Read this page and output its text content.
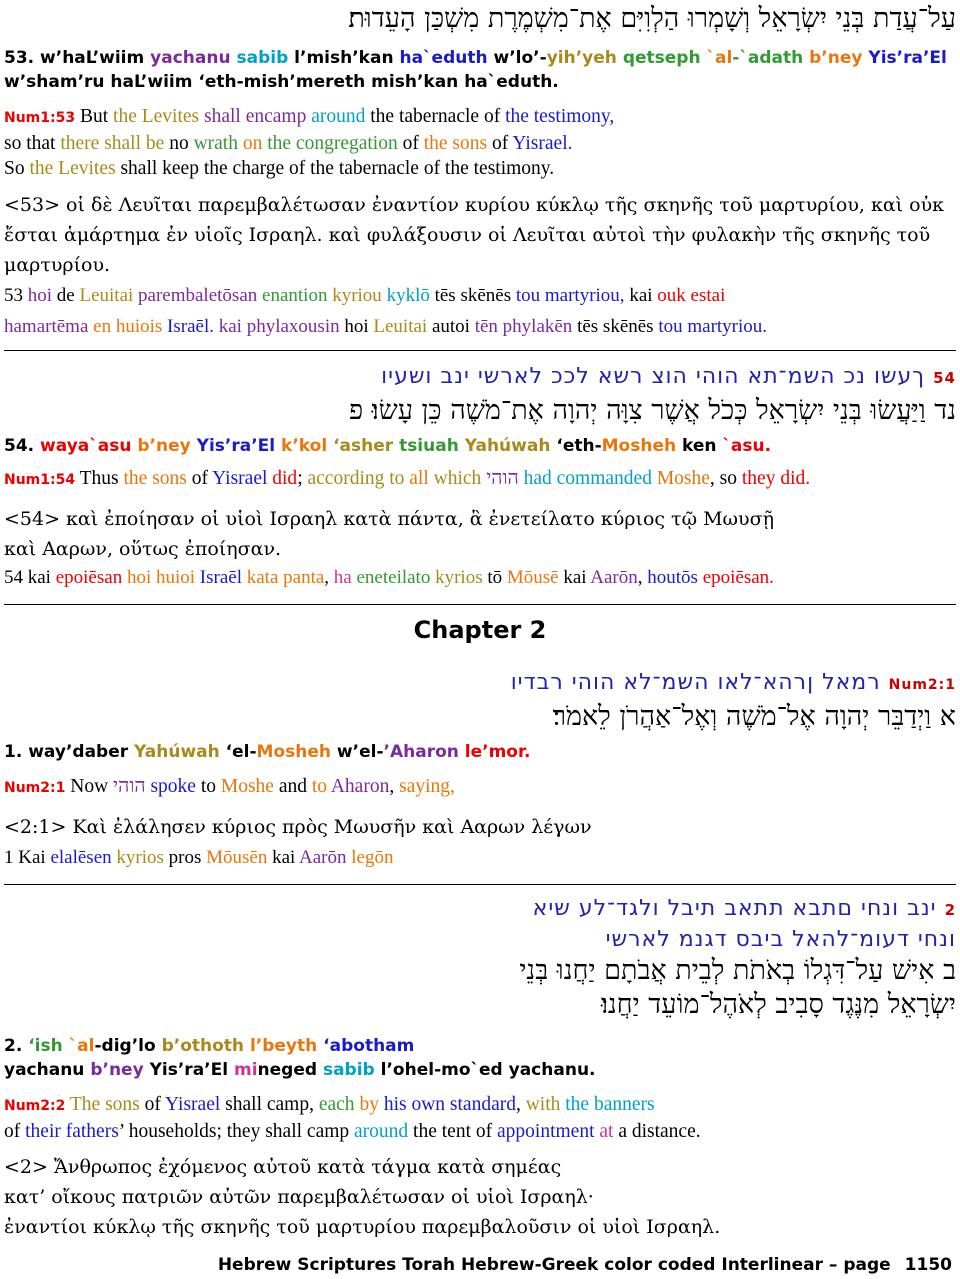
עַל־עֲדַת בְּנֵי יִשְׂרָאֵל וְשָׁמְרוּ הַלְוִיִּם אֶת־מִשְׁמֶרֶת מִשְׁכַּן הָעֵדוּת׃
53. w’haL’wiim yachanu sabib l’mish’kan ha`eduth w’lo’-yih’yeh qetseph `al-`adath b’ney Yis’ra’El
w’sham’ru haL’wiim ‘eth-mish’mereth mish’kan ha`eduth.
Num1:53 But the Levites shall encamp around the tabernacle of the testimony,
so that there shall be no wrath on the congregation of the sons of Yisrael.
So the Levites shall keep the charge of the tabernacle of the testimony.
<53> οἱ δὲ Λευῖται παρεμβαλέτωσαν ἐναντίον κυρίου κύκλῳ τῆς σκηνῆς τοῦ μαρτυρίου, καὶ οὐκ
ἔσται ἁμάρτημα ἐν υἱοῖς Ισραηλ. καὶ φυλάξουσιν οἱ Λευῖται αὐτοὶ τὴν φυλακὴν τῆς σκηνῆς τοῦ
μαρτυρίου.
53 hoi de Leuitai parembaletōsan enantion kyriou kyklō tēs skēnēs tou martyriou, kai ouk estai
hamartēma en huiois Israēl. kai phylaxousin hoi Leuitai autoi tēn phylakēn tēs skēnēs tou martyriou.
54 ךעשו נכ השמ־תא הוהי הוצ רשא לככ לארשי ינב ושעיו
נד וַיַּעֲשׂוּ בְּנֵי יִשְׂרָאֵל כְּכֹל אֲשֶׁר צִוָּה יְהוָה אֶת־מֹשֶׁה כֵּן עָשׂוּ׃ פ
54. waya`asu b’ney Yis’ra’El k’kol ‘asher tsiuah Yahúwah ‘eth-Mosheh ken `asu.
Num1:54 Thus the sons of Yisrael did; according to all which הוהי had commanded Moshe, so they did.
<54> καὶ ἐποίησαν οἱ υἱοὶ Ισραηλ κατὰ πάντα, ἃ ἐνετείλατο κύριος τῷ Μωυσῇ
καὶ Ααρων, οὕτως ἐποίησαν.
54 kai epoiēsan hoi huioi Israēl kata panta, ha eneteilato kyrios tō Mōusē kai Aarōn, houtōs epoiēsan.
Chapter 2
Num2:1 רמאל ןרהא־לאו השמ־לא הוהי רבדיו
א וַיְדַבֵּר יְהוָה אֶל־מֹשֶׁה וְאֶל־אַהֲרֹן לֵאמֹר׃
1. way’daber Yahúwah ‘el-Mosheh w’el-’Aharon le’mor.
Num2:1 Now הוהי spoke to Moshe and to Aharon, saying,
<2:1> Καὶ ἐλάλησεν κύριος πρὸς Μωυσῆν καὶ Ααρων λέγων
1 Kai elalēsen kyrios pros Mōusēn kai Aarōn legōn
2 ינב ונחי םתבא תתאב תיבל ולגד־לע שיא
ונחי דעומ־להאל ביבס דגנמ לארשי
ב אִישׁ עַל־דִּגְלוֹ בְאֹתֹת לְבֵית אֲבֹתָם יַחֲנוּ בְּנֵי
יִשְׂרָאֵל מִנֶּגֶד סָבִיב לְאֹהֶל־מוֹעֵד יַחֲנוּ׃
2. ‘ish `al-dig’lo b’othoth l’beyth ‘abotham
yachanu b’ney Yis’ra’El mineged sabib l’ohel-mo`ed yachanu.
Num2:2 The sons of Yisrael shall camp, each by his own standard, with the banners
of their fathers’ households; they shall camp around the tent of appointment at a distance.
<2> Ἄνθρωπος ἐχόμενος αὐτοῦ κατὰ τάγμα κατὰ σημέας
κατ’ οἴκους πατριῶν αὐτῶν παρεμβαλέτωσαν οἱ υἱοὶ Ισραηλ·
ἐναντίοι κύκλῳ τῆς σκηνῆς τοῦ μαρτυρίου παρεμβαλοῦσιν οἱ υἱοὶ Ισραηλ.
Hebrew Scriptures Torah Hebrew-Greek color coded Interlinear – page 1150
